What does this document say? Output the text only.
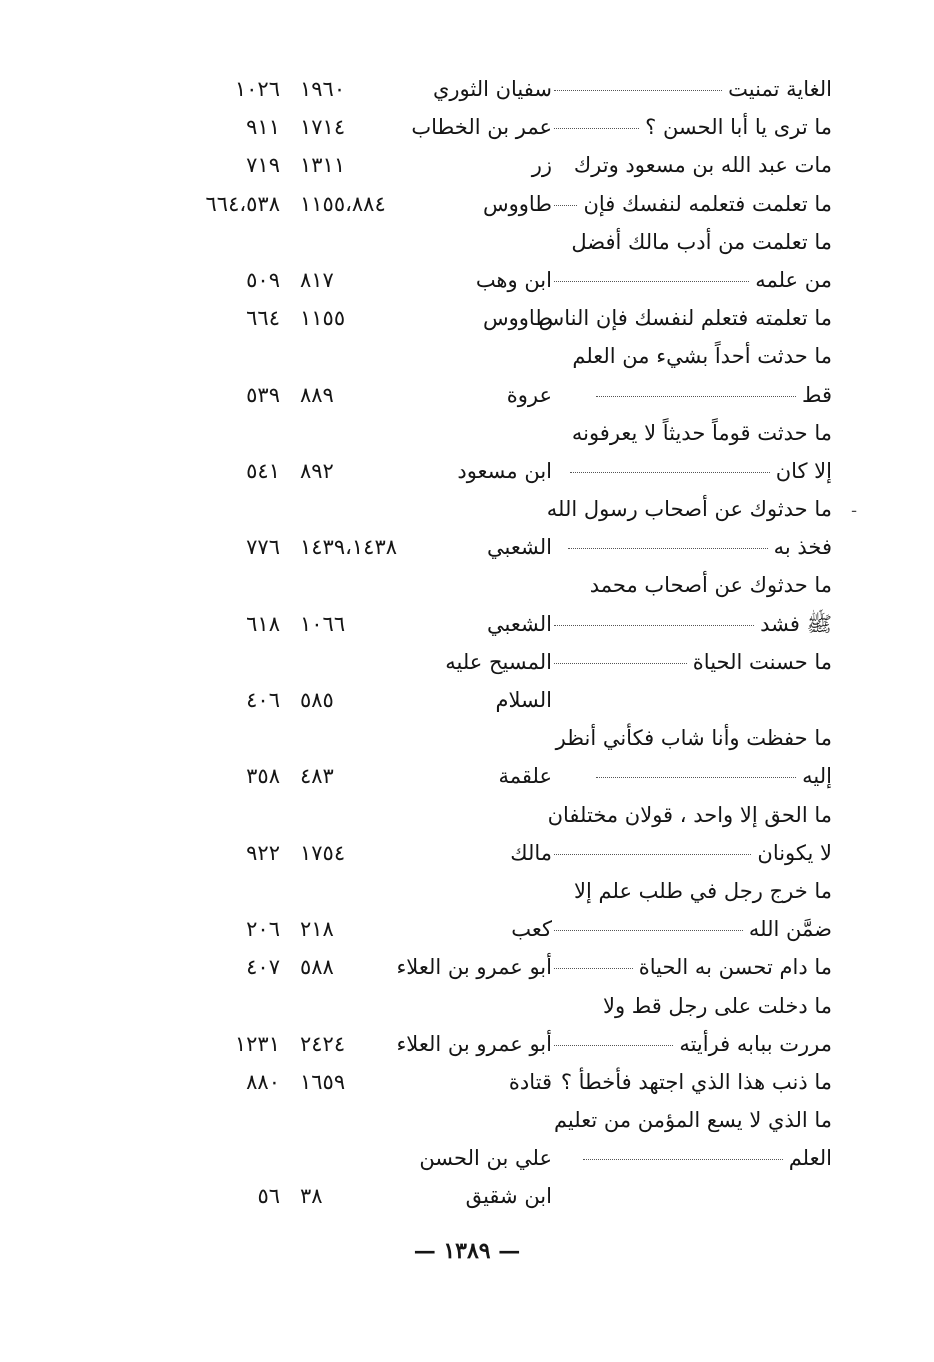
الغاية تمنيت
سفيان الثوري
١٩٦٠
١٠٢٦
ما ترى يا أبا الحسن ؟
عمر بن الخطاب
١٧١٤
٩١١
مات عبد الله بن مسعود وترك
زر
١٣١١
٧١٩
ما تعلمت فتعلمه لنفسك فإن
طاووس
١١٥٥،٨٨٤
٦٦٤،٥٣٨
ما تعلمت من أدب مالك أفضل
من علمه
ابن وهب
٨١٧
٥٠٩
ما تعلمته فتعلم لنفسك فإن الناس
طاووس
١١٥٥
٦٦٤
ما حدثت أحداً بشيء من العلم
قط
عروة
٨٨٩
٥٣٩
ما حدثت قوماً حديثاً لا يعرفونه
إلا كان
ابن مسعود
٨٩٢
٥٤١
ما حدثوك عن أصحاب رسول الله
فخذ به
الشعبي
١٤٣٩،١٤٣٨
٧٧٦
ما حدثوك عن أصحاب محمد
ﷺ فشد
الشعبي
١٠٦٦
٦١٨
ما حسنت الحياة
المسيح عليه
السلام
٥٨٥
٤٠٦
ما حفظت وأنا شاب فكأني أنظر
إليه
علقمة
٤٨٣
٣٥٨
ما الحق إلا واحد ، قولان مختلفان
لا يكونان
مالك
١٧٥٤
٩٢٢
ما خرج رجل في طلب علم إلا
ضمَّن الله
كعب
٢١٨
٢٠٦
ما دام تحسن به الحياة
أبو عمرو بن العلاء
٥٨٨
٤٠٧
ما دخلت على رجل قط ولا
مررت ببابه فرأيته
أبو عمرو بن العلاء
٢٤٢٤
١٢٣١
ما ذنب هذا الذي اجتهد فأخطأ ؟
قتادة
١٦٥٩
٨٨٠
ما الذي لا يسع المؤمن من تعليم
العلم
علي بن الحسن
ابن شقيق
٣٨
٥٦
— ١٣٨٩ —
ـ
